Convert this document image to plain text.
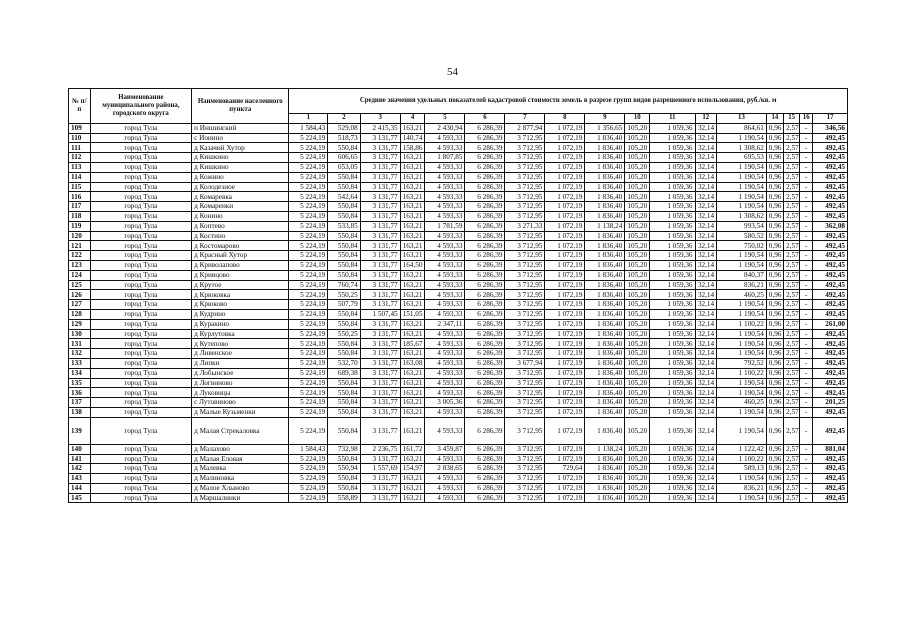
54
№ п/п	Наименование муниципального района, городского округа	Наименование населенного пункта	Средние значения удельных показателей кадастровой стоимости земель в разрезе групп видов разрешенного использования, руб./кв. м																
			1	2	3	4	5	6	7	8	9	10	11	12	13	14	15	16	17
109	город Тула	п Иншинский	1 584,43	529,08	2 415,35	163,21	2 430,94	6 286,39	2 877,94	1 072,19	1 356,65	105,20	1 059,36	32,14	864,61	0,96	2,57	-	346,56
110	город Тула	с Ионино	5 224,19	518,73	3 131,77	140,74	4 593,33	6 286,39	3 712,95	1 072,19	1 836,40	105,20	1 059,36	32,14	1 190,54	0,96	2,57	-	492,45
111	город Тула	д Казачий Хутор	5 224,19	550,84	3 131,77	158,86	4 593,33	6 286,39	3 712,95	1 072,19	1 836,40	105,20	1 059,36	32,14	1 308,62	0,96	2,57	-	492,45
112	город Тула	д Кишкино	5 224,19	606,65	3 131,77	163,21	1 807,85	6 286,39	3 712,95	1 072,19	1 836,40	105,20	1 059,36	32,14	695,53	0,96	2,57	-	492,45
113	город Тула	д Кишкино	5 224,19	653,05	3 131,77	163,21	4 593,33	6 286,39	3 712,95	1 072,19	1 836,40	105,20	1 059,36	32,14	1 190,54	0,96	2,57	-	492,45
114	город Тула	д Кожино	5 224,19	550,84	3 131,77	163,21	4 593,33	6 286,39	3 712,95	1 072,19	1 836,40	105,20	1 059,36	32,14	1 190,54	0,96	2,57	-	492,45
115	город Тула	д Колодезное	5 224,19	550,84	3 131,77	163,21	4 593,33	6 286,39	3 712,95	1 072,19	1 836,40	105,20	1 059,36	32,14	1 190,54	0,96	2,57	-	492,45
116	город Тула	д Комаревка	5 224,19	542,64	3 131,77	163,21	4 593,33	6 286,39	3 712,95	1 072,19	1 836,40	105,20	1 059,36	32,14	1 190,54	0,96	2,57	-	492,45
117	город Тула	д Комаренки	5 224,19	550,84	3 131,77	163,21	4 593,33	6 286,39	3 712,95	1 072,19	1 836,40	105,20	1 059,36	32,14	1 190,54	0,96	2,57	-	492,45
118	город Тула	д Конино	5 224,19	550,84	3 131,77	163,21	4 593,33	6 286,39	3 712,95	1 072,19	1 836,40	105,20	1 059,36	32,14	1 308,62	0,96	2,57	-	492,45
119	город Тула	д Коптево	5 224,19	533,85	3 131,77	163,21	1 781,59	6 286,39	3 271,33	1 072,19	1 138,24	105,20	1 059,36	32,14	993,54	0,96	2,57	-	362,08
120	город Тула	д Костино	5 224,19	550,84	3 131,77	163,21	4 593,33	6 286,39	3 712,95	1 072,19	1 836,40	105,20	1 059,36	32,14	580,52	0,96	2,57	-	492,45
121	город Тула	д Костомарово	5 224,19	550,84	3 131,77	163,21	4 593,33	6 286,39	3 712,95	1 072,19	1 836,40	105,20	1 059,36	32,14	750,02	0,96	2,57	-	492,45
122	город Тула	д Красный Хутор	5 224,19	550,84	3 131,77	163,21	4 593,33	6 286,39	3 712,95	1 072,19	1 836,40	105,20	1 059,36	32,14	1 190,54	0,96	2,57	-	492,45
123	город Тула	д Криволапово	5 224,19	550,84	3 131,77	164,50	4 593,33	6 286,39	3 712,95	1 072,19	1 836,40	105,20	1 059,36	32,14	1 190,54	0,96	2,57	-	492,45
124	город Тула	д Кривцово	5 224,19	550,84	3 131,77	163,21	4 593,33	6 286,39	3 712,95	1 072,19	1 836,40	105,20	1 059,36	32,14	840,37	0,96	2,57	-	492,45
125	город Тула	д Крутое	5 224,19	760,74	3 131,77	163,21	4 593,33	6 286,39	3 712,95	1 072,19	1 836,40	105,20	1 059,36	32,14	836,21	0,96	2,57	-	492,45
126	город Тула	д Крюковка	5 224,19	550,25	3 131,77	163,21	4 593,33	6 286,39	3 712,95	1 072,19	1 836,40	105,20	1 059,36	32,14	460,25	0,96	2,57	-	492,45
127	город Тула	д Крюково	5 224,19	507,79	3 131,77	163,21	4 593,33	6 286,39	3 712,95	1 072,19	1 836,40	105,20	1 059,36	32,14	1 190,54	0,96	2,57	-	492,45
128	город Тула	д Кудрино	5 224,19	550,84	1 507,45	151,05	4 593,33	6 286,39	3 712,95	1 072,19	1 836,40	105,20	1 059,36	32,14	1 190,54	0,96	2,57	-	492,45
129	город Тула	д Куракино	5 224,19	550,84	3 131,77	163,21	2 347,11	6 286,39	3 712,95	1 072,19	1 836,40	105,20	1 059,36	32,14	1 100,22	0,96	2,57	-	261,00
130	город Тула	д Курлутовка	5 224,19	550,25	3 131,77	163,21	4 593,33	6 286,39	3 712,95	1 072,19	1 836,40	105,20	1 059,36	32,14	1 190,54	0,96	2,57	-	492,45
131	город Тула	д Кутепово	5 224,19	550,84	3 131,77	185,67	4 593,33	6 286,39	3 712,95	1 072,19	1 836,40	105,20	1 059,36	32,14	1 190,54	0,96	2,57	-	492,45
132	город Тула	д Ливенское	5 224,19	550,84	3 131,77	163,21	4 593,33	6 286,39	3 712,95	1 072,19	1 836,40	105,20	1 059,36	32,14	1 190,54	0,96	2,57	-	492,45
133	город Тула	д Липки	5 224,19	532,70	3 131,77	163,08	4 593,33	6 286,39	3 677,94	1 072,19	1 836,40	105,20	1 059,36	32,14	792,52	0,96	2,57	-	492,45
134	город Тула	д Лобынское	5 224,19	689,38	3 131,77	163,21	4 593,33	6 286,39	3 712,95	1 072,19	1 836,40	105,20	1 059,36	32,14	1 100,22	0,96	2,57	-	492,45
135	город Тула	д Логвиново	5 224,19	550,84	3 131,77	163,21	4 593,33	6 286,39	3 712,95	1 072,19	1 836,40	105,20	1 059,36	32,14	1 190,54	0,96	2,57	-	492,45
136	город Тула	д Луковицы	5 224,19	550,84	3 131,77	163,21	4 593,33	6 286,39	3 712,95	1 072,19	1 836,40	105,20	1 059,36	32,14	1 190,54	0,96	2,57	-	492,45
137	город Тула	с Лутовиново	5 224,19	550,84	3 131,77	163,21	3 005,36	6 286,39	3 712,95	1 072,19	1 836,40	105,20	1 059,36	32,14	460,25	0,96	2,57	-	201,25
138	город Тула	д Малые Кузьменки	5 224,19	550,84	3 131,77	163,21	4 593,33	6 286,39	3 712,95	1 072,19	1 836,40	105,20	1 059,36	32,14	1 190,54	0,96	2,57	-	492,45
139	город Тула	д Малая Стрекаловка	5 224,19	550,84	3 131,77	163,21	4 593,33	6 286,39	3 712,95	1 072,19	1 836,40	105,20	1 059,36	32,14	1 190,54	0,96	2,57	-	492,45
140	город Тула	д Малахово	1 584,43	732,98	2 236,75	161,72	3 459,87	6 286,39	3 712,95	1 072,19	1 138,24	105,20	1 059,36	32,14	1 122,42	0,96	2,57	-	881,04
141	город Тула	д Малая Еловая	5 224,19	550,84	3 131,77	163,21	4 593,33	6 286,39	3 712,95	1 072,19	1 836,40	105,20	1 059,36	32,14	1 100,22	0,96	2,57	-	492,45
142	город Тула	д Малевка	5 224,19	550,94	1 557,69	154,97	2 838,65	6 286,39	3 712,95	729,64	1 836,40	105,20	1 059,36	32,14	589,13	0,96	2,57	-	492,45
143	город Тула	д Малиновка	5 224,19	550,84	3 131,77	163,21	4 593,33	6 286,39	3 712,95	1 072,19	1 836,40	105,20	1 059,36	32,14	1 190,54	0,96	2,57	-	492,45
144	город Тула	д Малое Хлыново	5 224,19	550,84	3 131,77	163,21	4 593,33	6 286,39	3 712,95	1 072,19	1 836,40	105,20	1 059,36	32,14	836,21	0,96	2,57	-	492,45
145	город Тула	д Маршалинки	5 224,19	558,89	3 131,77	163,21	4 593,33	6 286,39	3 712,95	1 072,19	1 836,40	105,20	1 059,36	32,14	1 190,54	0,96	2,57	-	492,45
